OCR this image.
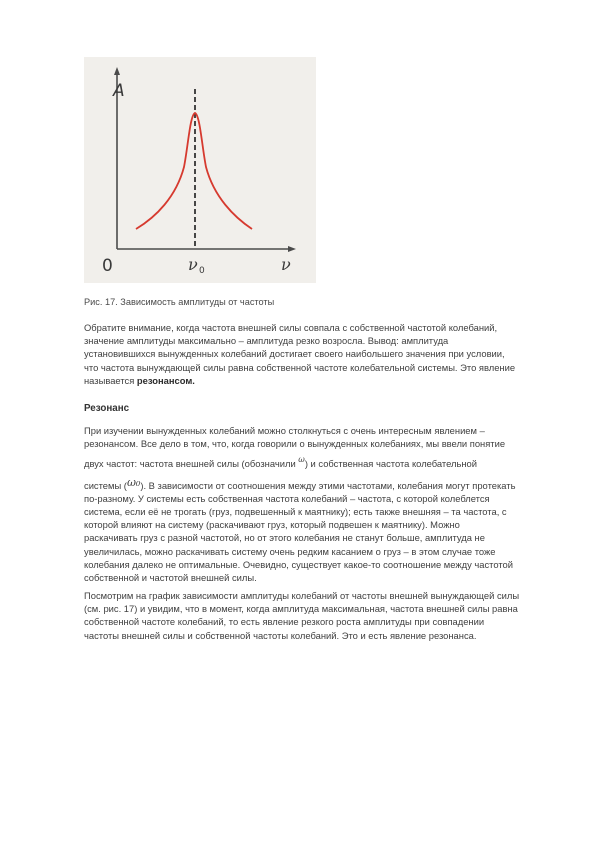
A
0	ν 0	ν
Рис. 17. Зависимость амплитуды от частоты
Обратите внимание, когда частота внешней силы совпала с собственной частотой колебаний,
значение амплитуды максимально – амплитуда резко возросла. Вывод: амплитуда
установившихся вынужденных колебаний достигает своего наибольшего значения при условии,
что частота вынуждающей силы равна собственной частоте колебательной системы. Это явление
называется резонансом.
Резонанс
При изучении вынужденных колебаний можно столкнуться с очень интересным явлением –
резонансом. Все дело в том, что, когда говорили о вынужденных колебаниях, мы ввели понятие
двух частот: частота внешней силы (обозначили ω) и собственная частота колебательной
системы (ω₀). В зависимости от соотношения между этими частотами, колебания могут протекать
по-разному. У системы есть собственная частота колебаний – частота, с которой колеблется
система, если её не трогать (груз, подвешенный к маятнику); есть также внешняя – та частота, с
которой влияют на систему (раскачивают груз, который подвешен к маятнику). Можно
раскачивать груз с разной частотой, но от этого колебания не станут больше, амплитуда не
увеличилась, можно раскачивать систему очень редким касанием о груз – в этом случае тоже
колебания далеко не оптимальные. Очевидно, существует какое-то соотношение между частотой
собственной и частотой внешней силы.
Посмотрим на график зависимости амплитуды колебаний от частоты внешней вынуждающей силы
(см. рис. 17) и увидим, что в момент, когда амплитуда максимальная, частота внешней силы равна
собственной частоте колебаний, то есть явление резкого роста амплитуды при совпадении
частоты внешней силы и собственной частоты колебаний. Это и есть явление резонанса.
